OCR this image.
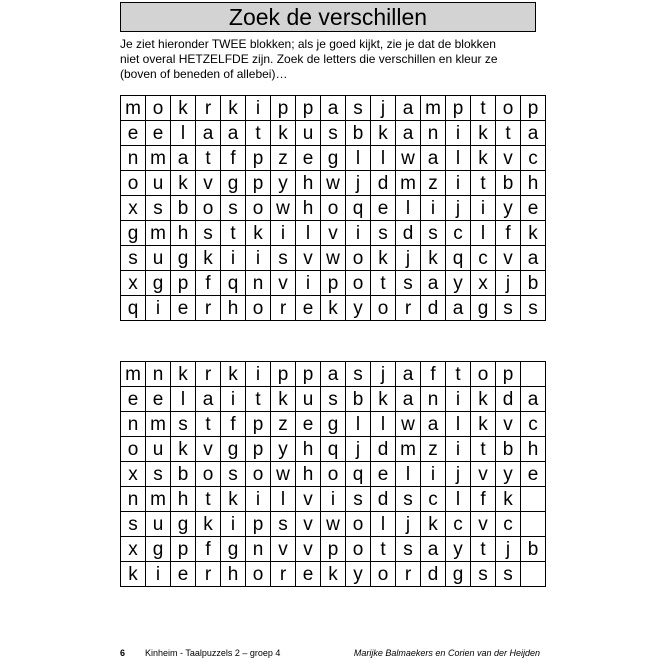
Zoek de verschillen

Je ziet hieronder TWEE blokken; als je goed kijkt, zie je dat de blokken
niet overal HETZELFDE zijn. Zoek de letters die verschillen en kleur ze
(boven of beneden of allebei)…

m	o	k	r	k	i	p	p	a	s	j	a	m	p	t	o	p
e	e	l	a	a	t	k	u	s	b	k	a	n	i	k	t	a
n	m	a	t	f	p	z	e	g	l	l	w	a	l	k	v	c
o	u	k	v	g	p	y	h	w	j	d	m	z	i	t	b	h
x	s	b	o	s	o	w	h	o	q	e	l	i	j	i	y	e
g	m	h	s	t	k	i	l	v	i	s	d	s	c	l	f	k
s	u	g	k	i	i	s	v	w	o	k	j	k	q	c	v	a
x	g	p	f	q	n	v	i	p	o	t	s	a	y	x	j	b
q	i	e	r	h	o	r	e	k	y	o	r	d	a	g	s	s
m	n	k	r	k	i	p	p	a	s	j	a	f	t	o	p	
e	e	l	a	i	t	k	u	s	b	k	a	n	i	k	d	a
n	m	s	t	f	p	z	e	g	l	l	w	a	l	k	v	c
o	u	k	v	g	p	y	h	q	j	d	m	z	i	t	b	h
x	s	b	o	s	o	w	h	o	q	e	l	i	j	v	y	e
n	m	h	t	k	i	l	v	i	s	d	s	c	l	f	k	
s	u	g	k	i	p	s	v	w	o	l	j	k	c	v	c	
x	g	p	f	g	n	v	v	p	o	t	s	a	y	t	j	b
k	i	e	r	h	o	r	e	k	y	o	r	d	g	s	s	
6 Kinheim - Taalpuzzels 2 – groep 4	Marijke Balmaekers en Corien van der Heijden
